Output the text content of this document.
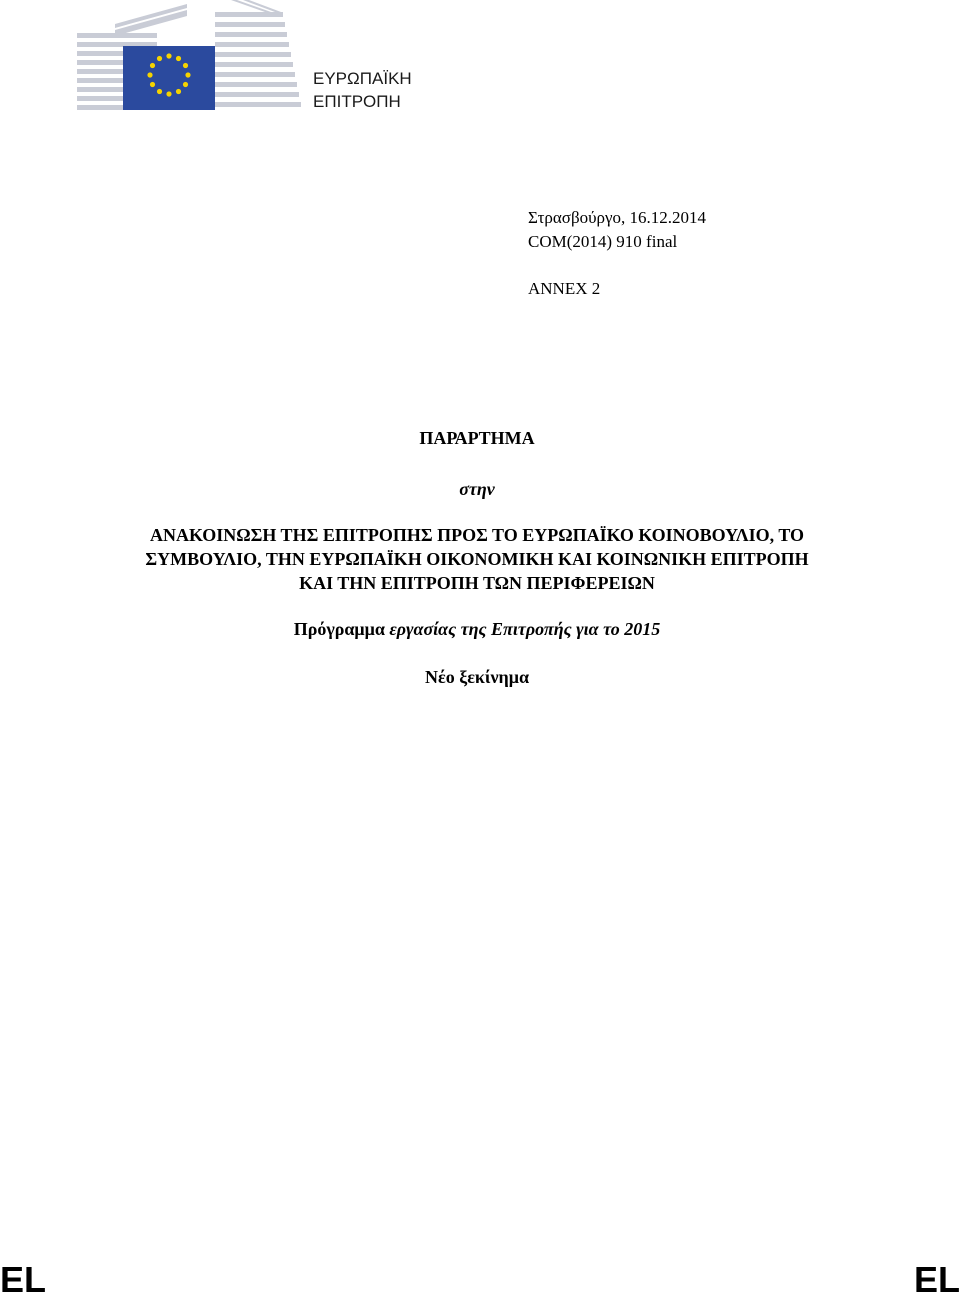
ΕΥΡΩΠΑΪΚΗ
ΕΠΙΤΡΟΠΗ
Στρασβούργο, 16.12.2014
COM(2014) 910 final
ANNEX 2
ΠΑΡΑΡΤΗΜΑ
στην
ΑΝΑΚΟΙΝΩΣΗ ΤΗΣ ΕΠΙΤΡΟΠΗΣ ΠΡΟΣ ΤΟ ΕΥΡΩΠΑΪΚΟ ΚΟΙΝΟΒΟΥΛΙΟ, ΤΟ
ΣΥΜΒΟΥΛΙΟ, ΤΗΝ ΕΥΡΩΠΑΪΚΗ ΟΙΚΟΝΟΜΙΚΗ ΚΑΙ ΚΟΙΝΩΝΙΚΗ ΕΠΙΤΡΟΠΗ
ΚΑΙ ΤΗΝ ΕΠΙΤΡΟΠΗ ΤΩΝ ΠΕΡΙΦΕΡΕΙΩΝ
Πρόγραμμα εργασίας της Επιτροπής για το 2015
Νέο ξεκίνημα
EL	EL
